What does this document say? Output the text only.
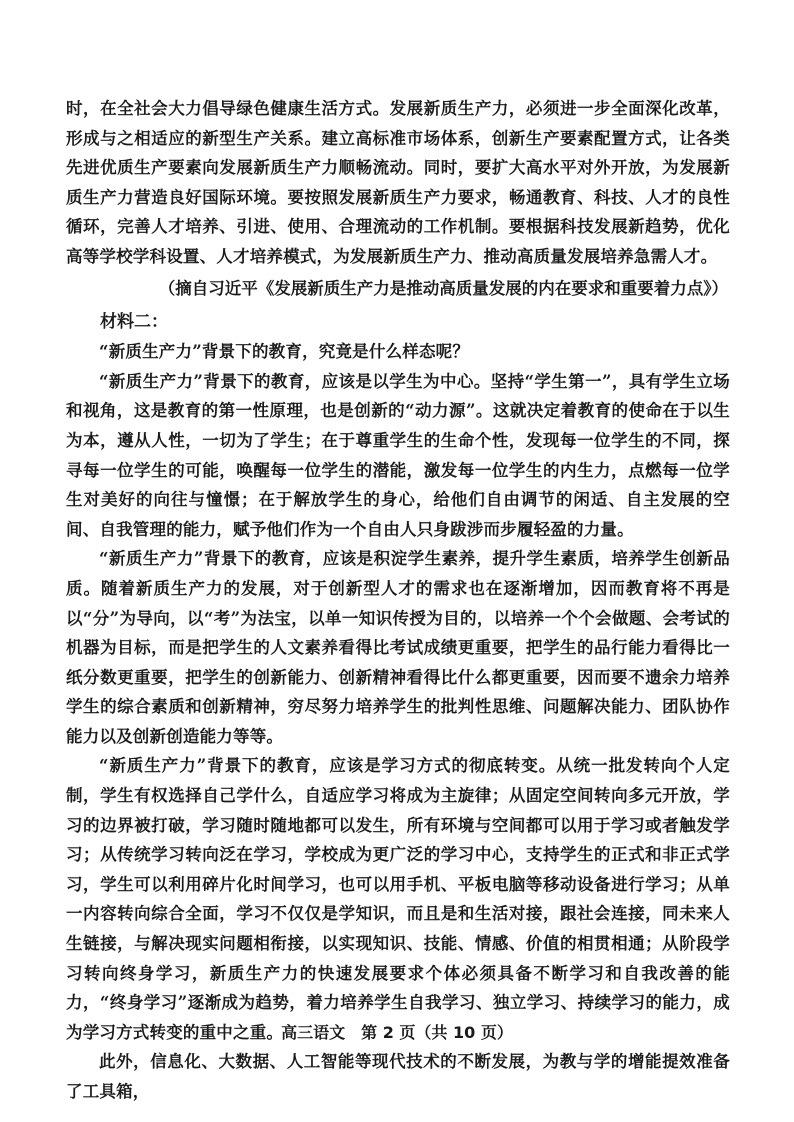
时，在全社会大力倡导绿色健康生活方式。发展新质生产力，必须进一步全面深化改革，形成与之相适应的新型生产关系。建立高标准市场体系，创新生产要素配置方式，让各类先进优质生产要素向发展新质生产力顺畅流动。同时，要扩大高水平对外开放，为发展新质生产力营造良好国际环境。要按照发展新质生产力要求，畅通教育、科技、人才的良性循环，完善人才培养、引进、使用、合理流动的工作机制。要根据科技发展新趋势，优化高等学校学科设置、人才培养模式，为发展新质生产力、推动高质量发展培养急需人才。

（摘自习近平《发展新质生产力是推动高质量发展的内在要求和重要着力点》）

材料二：

“新质生产力”背景下的教育，究竟是什么样态呢？

“新质生产力”背景下的教育，应该是以学生为中心。坚持“学生第一”，具有学生立场和视角，这是教育的第一性原理，也是创新的“动力源”。这就决定着教育的使命在于以生为本，遵从人性，一切为了学生；在于尊重学生的生命个性，发现每一位学生的不同，探寻每一位学生的可能，唤醒每一位学生的潜能，激发每一位学生的内生力，点燃每一位学生对美好的向往与憧憬；在于解放学生的身心，给他们自由调节的闲适、自主发展的空间、自我管理的能力，赋予他们作为一个自由人只身跋涉而步履轻盈的力量。

“新质生产力”背景下的教育，应该是积淀学生素养，提升学生素质，培养学生创新品质。随着新质生产力的发展，对于创新型人才的需求也在逐渐增加，因而教育将不再是以“分”为导向，以“考”为法宝，以单一知识传授为目的，以培养一个个会做题、会考试的机器为目标，而是把学生的人文素养看得比考试成绩更重要，把学生的品行能力看得比一纸分数更重要，把学生的创新能力、创新精神看得比什么都更重要，因而要不遗余力培养学生的综合素质和创新精神，穷尽努力培养学生的批判性思维、问题解决能力、团队协作能力以及创新创造能力等等。

“新质生产力”背景下的教育，应该是学习方式的彻底转变。从统一批发转向个人定制，学生有权选择自己学什么，自适应学习将成为主旋律；从固定空间转向多元开放，学习的边界被打破，学习随时随地都可以发生，所有环境与空间都可以用于学习或者触发学习；从传统学习转向泛在学习，学校成为更广泛的学习中心，支持学生的正式和非正式学习，学生可以利用碎片化时间学习，也可以用手机、平板电脑等移动设备进行学习；从单一内容转向综合全面，学习不仅仅是学知识，而且是和生活对接，跟社会连接，同未来人生链接，与解决现实问题相衔接，以实现知识、技能、情感、价值的相贯相通；从阶段学习转向终身学习，新质生产力的快速发展要求个体必须具备不断学习和自我改善的能力，“终身学习”逐渐成为趋势，着力培养学生自我学习、独立学习、持续学习的能力，成为学习方式转变的重中之重。

此外，信息化、大数据、人工智能等现代技术的不断发展，为教与学的增能提效准备了工具箱，

高三语文　第 2 页（共 10 页）
